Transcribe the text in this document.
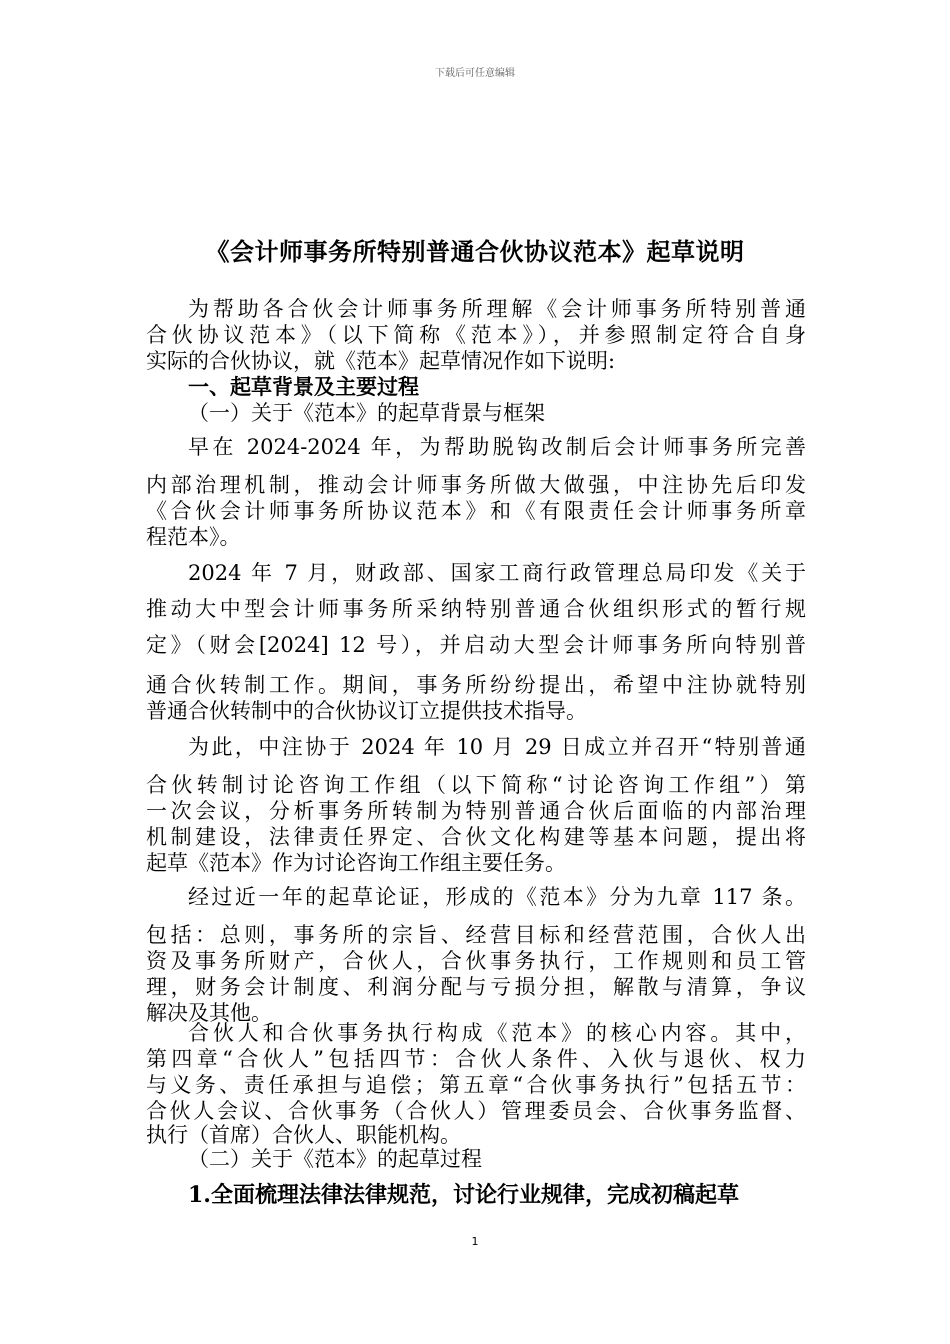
下载后可任意编辑
《会计师事务所特别普通合伙协议范本》起草说明
为帮助各合伙会计师事务所理解《会计师事务所特别普通
合伙协议范本》（以下简称《范本》），并参照制定符合自身
实际的合伙协议，就《范本》起草情况作如下说明:
一、起草背景及主要过程
（一）关于《范本》的起草背景与框架
早在 2024-2024 年，为帮助脱钩改制后会计师事务所完善
内部治理机制，推动会计师事务所做大做强，中注协先后印发
《合伙会计师事务所协议范本》和《有限责任会计师事务所章
程范本》。
2024 年 7 月，财政部、国家工商行政管理总局印发《关于
推动大中型会计师事务所采纳特别普通合伙组织形式的暂行规
定》（财会[2024] 12 号），并启动大型会计师事务所向特别普
通合伙转制工作。期间，事务所纷纷提出，希望中注协就特别
普通合伙转制中的合伙协议订立提供技术指导。
为此，中注协于 2024 年 10 月 29 日成立并召开“特别普通
合伙转制讨论咨询工作组（以下简称“讨论咨询工作组”）第
一次会议，分析事务所转制为特别普通合伙后面临的内部治理
机制建设，法律责任界定、合伙文化构建等基本问题，提出将
起草《范本》作为讨论咨询工作组主要任务。
经过近一年的起草论证，形成的《范本》分为九章 117 条。
包括：总则，事务所的宗旨、经营目标和经营范围，合伙人出
资及事务所财产，合伙人，合伙事务执行，工作规则和员工管
理，财务会计制度、利润分配与亏损分担，解散与清算，争议
解决及其他。
合伙人和合伙事务执行构成《范本》的核心内容。其中，
第四章“合伙人”包括四节：合伙人条件、入伙与退伙、权力
与义务、责任承担与追偿；第五章“合伙事务执行”包括五节：
合伙人会议、合伙事务（合伙人）管理委员会、合伙事务监督、
执行（首席）合伙人、职能机构。
（二）关于《范本》的起草过程
1.全面梳理法律法律规范，讨论行业规律，完成初稿起草
1
